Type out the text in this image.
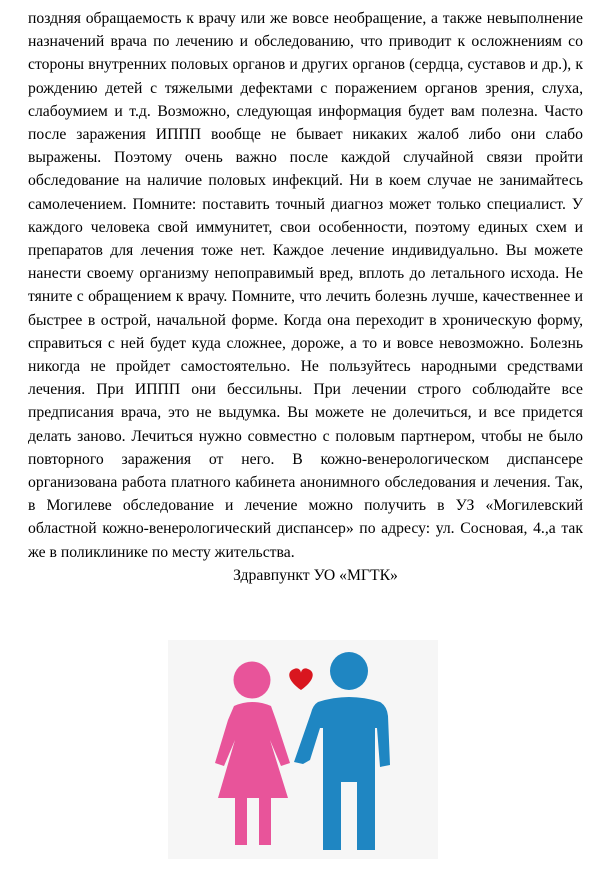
поздняя обращаемость к врачу или же вовсе необращение, а также невыполнение назначений врача по лечению и обследованию, что приводит к осложнениям со стороны внутренних половых органов и других органов (сердца, суставов и др.), к рождению детей с тяжелыми дефектами с поражением органов зрения, слуха, слабоумием и т.д. Возможно, следующая информация будет вам полезна. Часто после заражения ИППП вообще не бывает никаких жалоб либо они слабо выражены. Поэтому очень важно после каждой случайной связи пройти обследование на наличие половых инфекций. Ни в коем случае не занимайтесь самолечением. Помните: поставить точный диагноз может только специалист. У каждого человека свой иммунитет, свои особенности, поэтому единых схем и препаратов для лечения тоже нет. Каждое лечение индивидуально. Вы можете нанести своему организму непоправимый вред, вплоть до летального исхода. Не тяните с обращением к врачу. Помните, что лечить болезнь лучше, качественнее и быстрее в острой, начальной форме. Когда она переходит в хроническую форму, справиться с ней будет куда сложнее, дороже, а то и вовсе невозможно. Болезнь никогда не пройдет самостоятельно. Не пользуйтесь народными средствами лечения. При ИППП они бессильны. При лечении строго соблюдайте все предписания врача, это не выдумка. Вы можете не долечиться, и все придется делать заново. Лечиться нужно совместно с половым партнером, чтобы не было повторного заражения от него. В кожно-венерологическом диспансере организована работа платного кабинета анонимного обследования и лечения. Так, в Могилеве обследование и лечение можно получить в УЗ «Могилевский областной кожно-венерологический диспансер» по адресу: ул. Сосновая, 4.,а так же в поликлинике по месту жительства.

Здравпункт УО «МГТК»
